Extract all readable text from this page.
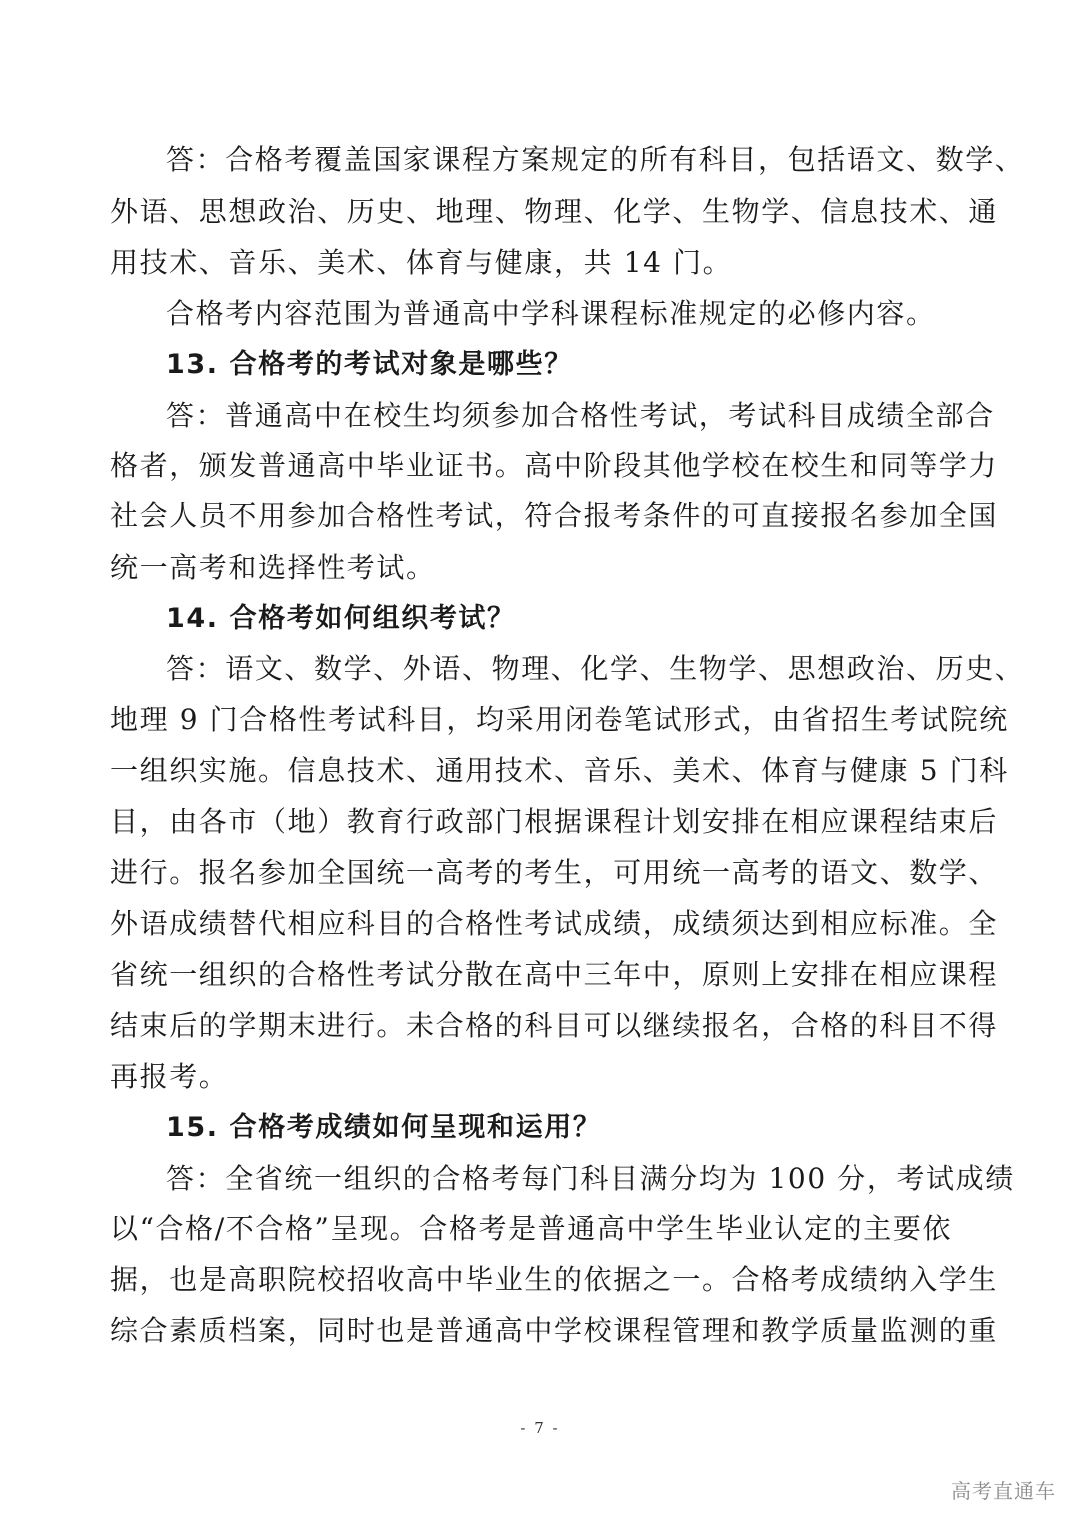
答：合格考覆盖国家课程方案规定的所有科目，包括语文、数学、
外语、思想政治、历史、地理、物理、化学、生物学、信息技术、通
用技术、音乐、美术、体育与健康，共 14 门。
合格考内容范围为普通高中学科课程标准规定的必修内容。
13. 合格考的考试对象是哪些？
答：普通高中在校生均须参加合格性考试，考试科目成绩全部合
格者，颁发普通高中毕业证书。高中阶段其他学校在校生和同等学力
社会人员不用参加合格性考试，符合报考条件的可直接报名参加全国
统一高考和选择性考试。
14. 合格考如何组织考试？
答：语文、数学、外语、物理、化学、生物学、思想政治、历史、
地理 9 门合格性考试科目，均采用闭卷笔试形式，由省招生考试院统
一组织实施。信息技术、通用技术、音乐、美术、体育与健康 5 门科
目，由各市（地）教育行政部门根据课程计划安排在相应课程结束后
进行。报名参加全国统一高考的考生，可用统一高考的语文、数学、
外语成绩替代相应科目的合格性考试成绩，成绩须达到相应标准。全
省统一组织的合格性考试分散在高中三年中，原则上安排在相应课程
结束后的学期末进行。未合格的科目可以继续报名，合格的科目不得
再报考。
15. 合格考成绩如何呈现和运用？
答：全省统一组织的合格考每门科目满分均为 100 分，考试成绩
以“合格/不合格”呈现。合格考是普通高中学生毕业认定的主要依
据，也是高职院校招收高中毕业生的依据之一。合格考成绩纳入学生
综合素质档案，同时也是普通高中学校课程管理和教学质量监测的重
- 7 -
高考直通车
